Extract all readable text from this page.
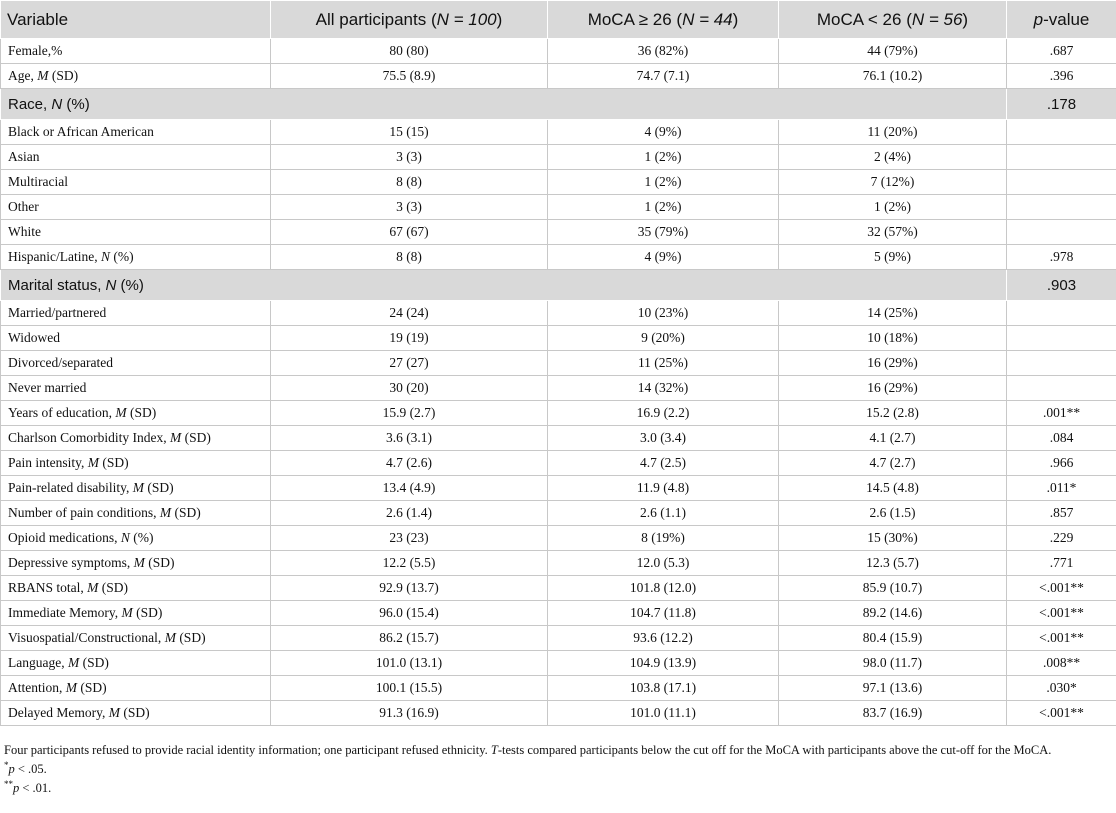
Variable	All participants (N = 100)	MoCA ≥ 26 (N = 44)	MoCA < 26 (N = 56)	p-value
Female,%	80 (80)	36 (82%)	44 (79%)	.687
Age, M (SD)	75.5 (8.9)	74.7 (7.1)	76.1 (10.2)	.396
Race, N (%)				.178
Black or African American	15 (15)	4 (9%)	11 (20%)	
Asian	3 (3)	1 (2%)	2 (4%)	
Multiracial	8 (8)	1 (2%)	7 (12%)	
Other	3 (3)	1 (2%)	1 (2%)	
White	67 (67)	35 (79%)	32 (57%)	
Hispanic/Latine, N (%)	8 (8)	4 (9%)	5 (9%)	.978
Marital status, N (%)				.903
Married/partnered	24 (24)	10 (23%)	14 (25%)	
Widowed	19 (19)	9 (20%)	10 (18%)	
Divorced/separated	27 (27)	11 (25%)	16 (29%)	
Never married	30 (20)	14 (32%)	16 (29%)	
Years of education, M (SD)	15.9 (2.7)	16.9 (2.2)	15.2 (2.8)	.001**
Charlson Comorbidity Index, M (SD)	3.6 (3.1)	3.0 (3.4)	4.1 (2.7)	.084
Pain intensity, M (SD)	4.7 (2.6)	4.7 (2.5)	4.7 (2.7)	.966
Pain-related disability, M (SD)	13.4 (4.9)	11.9 (4.8)	14.5 (4.8)	.011*
Number of pain conditions, M (SD)	2.6 (1.4)	2.6 (1.1)	2.6 (1.5)	.857
Opioid medications, N (%)	23 (23)	8 (19%)	15 (30%)	.229
Depressive symptoms, M (SD)	12.2 (5.5)	12.0 (5.3)	12.3 (5.7)	.771
RBANS total, M (SD)	92.9 (13.7)	101.8 (12.0)	85.9 (10.7)	<.001**
Immediate Memory, M (SD)	96.0 (15.4)	104.7 (11.8)	89.2 (14.6)	<.001**
Visuospatial/Constructional, M (SD)	86.2 (15.7)	93.6 (12.2)	80.4 (15.9)	<.001**
Language, M (SD)	101.0 (13.1)	104.9 (13.9)	98.0 (11.7)	.008**
Attention, M (SD)	100.1 (15.5)	103.8 (17.1)	97.1 (13.6)	.030*
Delayed Memory, M (SD)	91.3 (16.9)	101.0 (11.1)	83.7 (16.9)	<.001**

Four participants refused to provide racial identity information; one participant refused ethnicity. T-tests compared participants below the cut off for the MoCA with participants above the cut-off for the MoCA.

*p < .05.

**p < .01.
